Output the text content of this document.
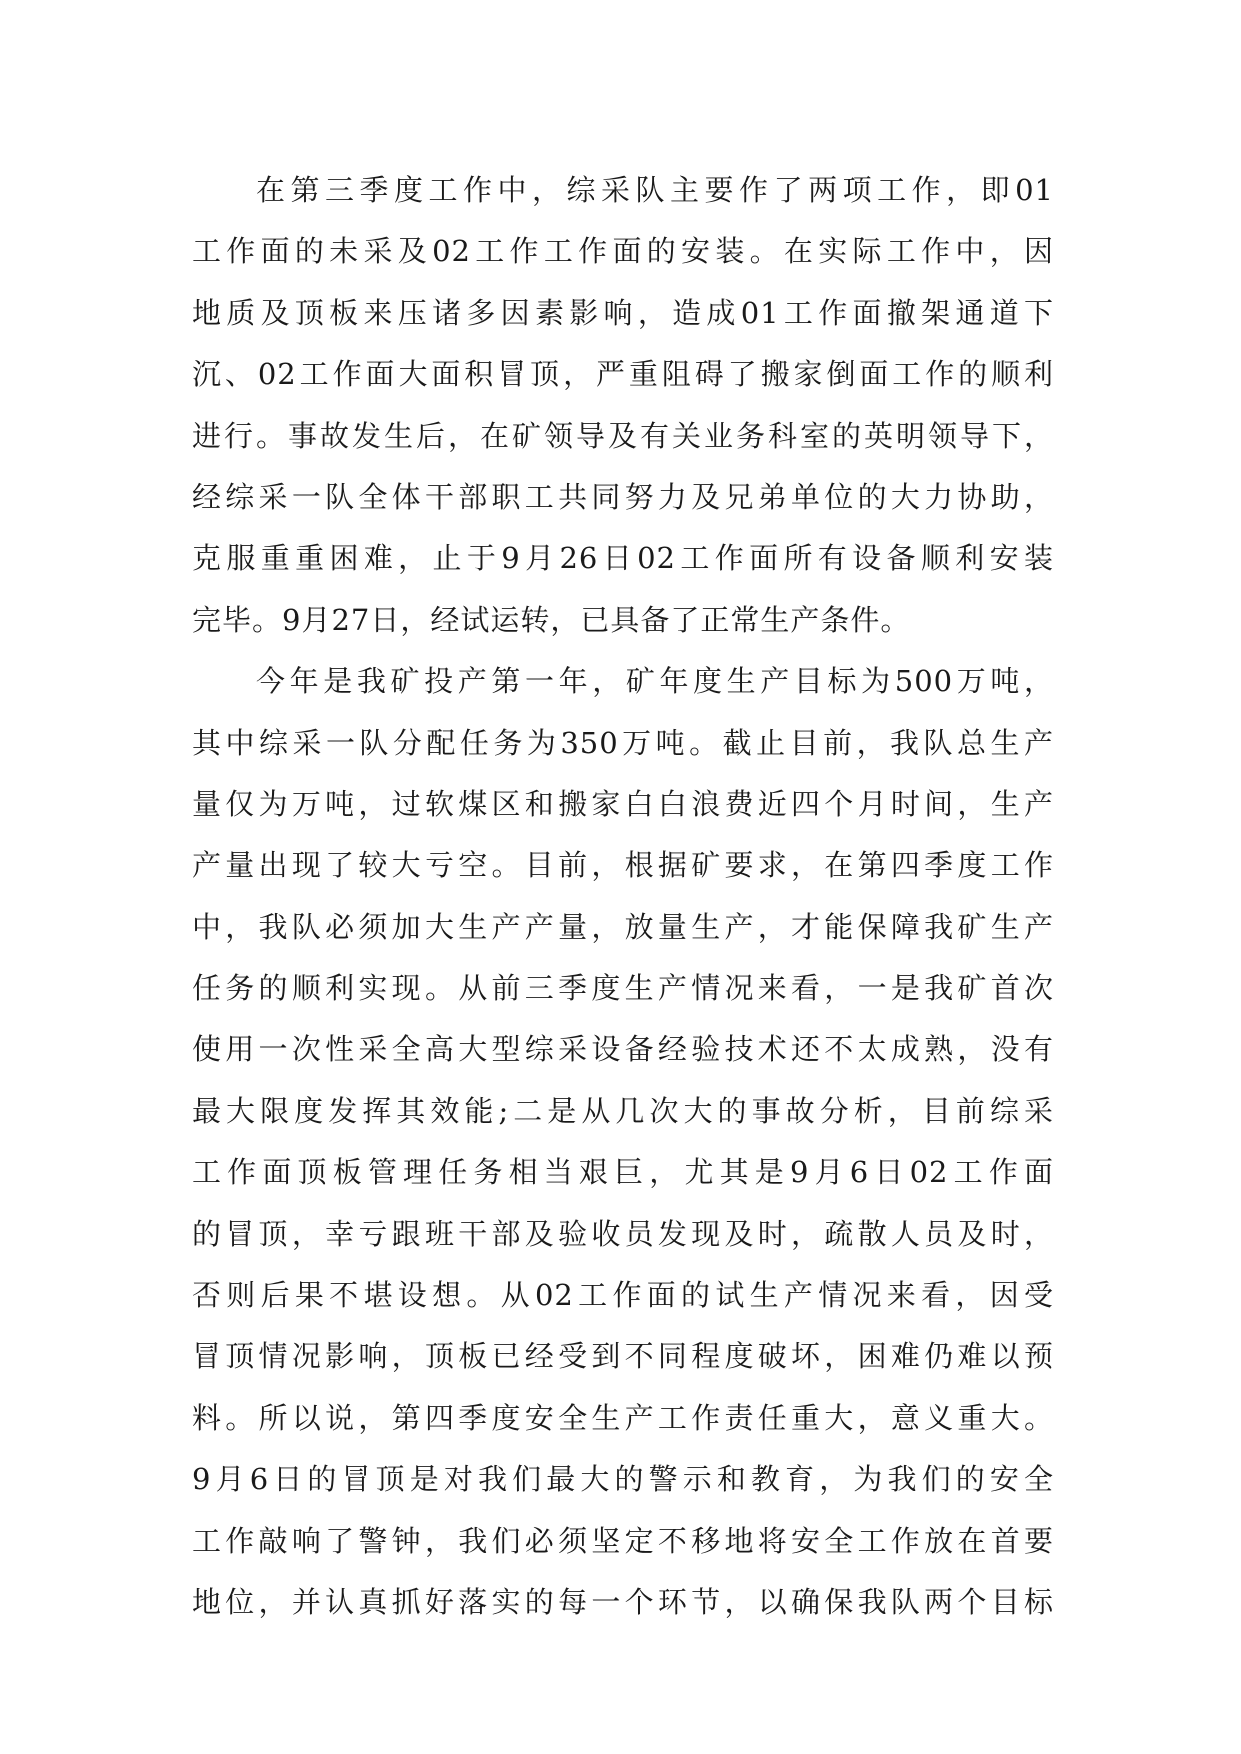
在第三季度工作中，综采队主要作了两项工作，即01
工作面的未采及02工作工作面的安装。在实际工作中，因
地质及顶板来压诸多因素影响，造成01工作面撤架通道下
沉、02工作面大面积冒顶，严重阻碍了搬家倒面工作的顺利
进行。事故发生后，在矿领导及有关业务科室的英明领导下，
经综采一队全体干部职工共同努力及兄弟单位的大力协助，
克服重重困难，止于9月26日02工作面所有设备顺利安装
完毕。9月27日，经试运转，已具备了正常生产条件。
今年是我矿投产第一年，矿年度生产目标为500万吨，
其中综采一队分配任务为350万吨。截止目前，我队总生产
量仅为万吨，过软煤区和搬家白白浪费近四个月时间，生产
产量出现了较大亏空。目前，根据矿要求，在第四季度工作
中，我队必须加大生产产量，放量生产，才能保障我矿生产
任务的顺利实现。从前三季度生产情况来看，一是我矿首次
使用一次性采全高大型综采设备经验技术还不太成熟，没有
最大限度发挥其效能;二是从几次大的事故分析，目前综采
工作面顶板管理任务相当艰巨，尤其是9月6日02工作面
的冒顶，幸亏跟班干部及验收员发现及时，疏散人员及时，
否则后果不堪设想。从02工作面的试生产情况来看，因受
冒顶情况影响，顶板已经受到不同程度破坏，困难仍难以预
料。所以说，第四季度安全生产工作责任重大，意义重大。
9月6日的冒顶是对我们最大的警示和教育，为我们的安全
工作敲响了警钟，我们必须坚定不移地将安全工作放在首要
地位，并认真抓好落实的每一个环节，以确保我队两个目标
